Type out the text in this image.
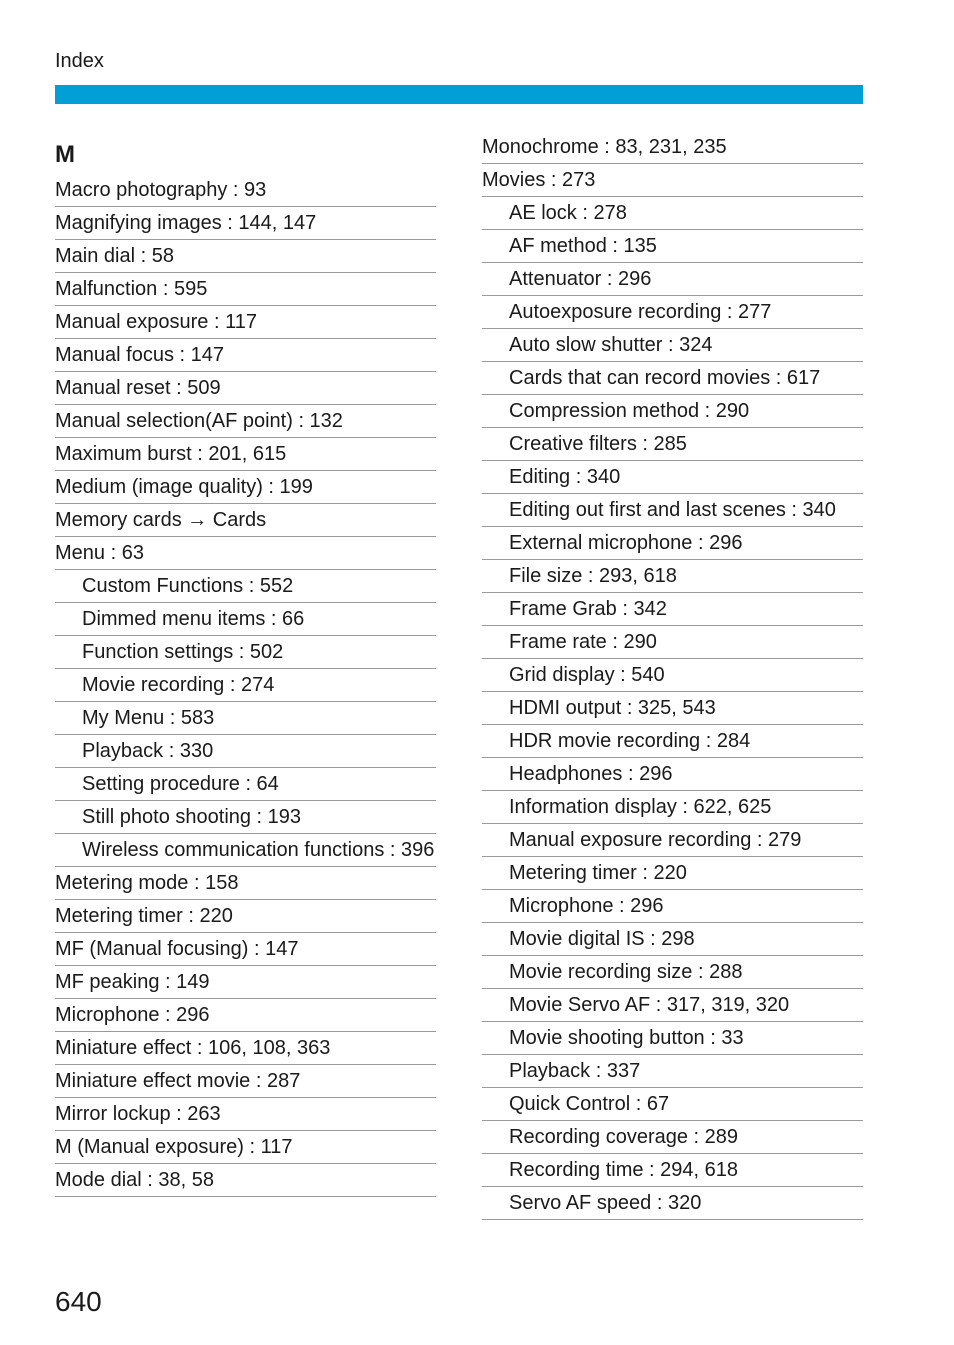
Index
M
Macro photography : 93
Magnifying images : 144, 147
Main dial : 58
Malfunction : 595
Manual exposure : 117
Manual focus : 147
Manual reset : 509
Manual selection(AF point) : 132
Maximum burst : 201, 615
Medium (image quality) : 199
Memory cards → Cards
Menu : 63
Custom Functions : 552
Dimmed menu items : 66
Function settings : 502
Movie recording : 274
My Menu : 583
Playback : 330
Setting procedure : 64
Still photo shooting : 193
Wireless communication functions : 396
Metering mode : 158
Metering timer : 220
MF (Manual focusing) : 147
MF peaking : 149
Microphone : 296
Miniature effect : 106, 108, 363
Miniature effect movie : 287
Mirror lockup : 263
M (Manual exposure) : 117
Mode dial : 38, 58
Monochrome : 83, 231, 235
Movies : 273
AE lock : 278
AF method : 135
Attenuator : 296
Autoexposure recording : 277
Auto slow shutter : 324
Cards that can record movies : 617
Compression method : 290
Creative filters : 285
Editing : 340
Editing out first and last scenes : 340
External microphone : 296
File size : 293, 618
Frame Grab : 342
Frame rate : 290
Grid display : 540
HDMI output : 325, 543
HDR movie recording : 284
Headphones : 296
Information display : 622, 625
Manual exposure recording : 279
Metering timer : 220
Microphone : 296
Movie digital IS : 298
Movie recording size : 288
Movie Servo AF : 317, 319, 320
Movie shooting button : 33
Playback : 337
Quick Control : 67
Recording coverage : 289
Recording time : 294, 618
Servo AF speed : 320
640
